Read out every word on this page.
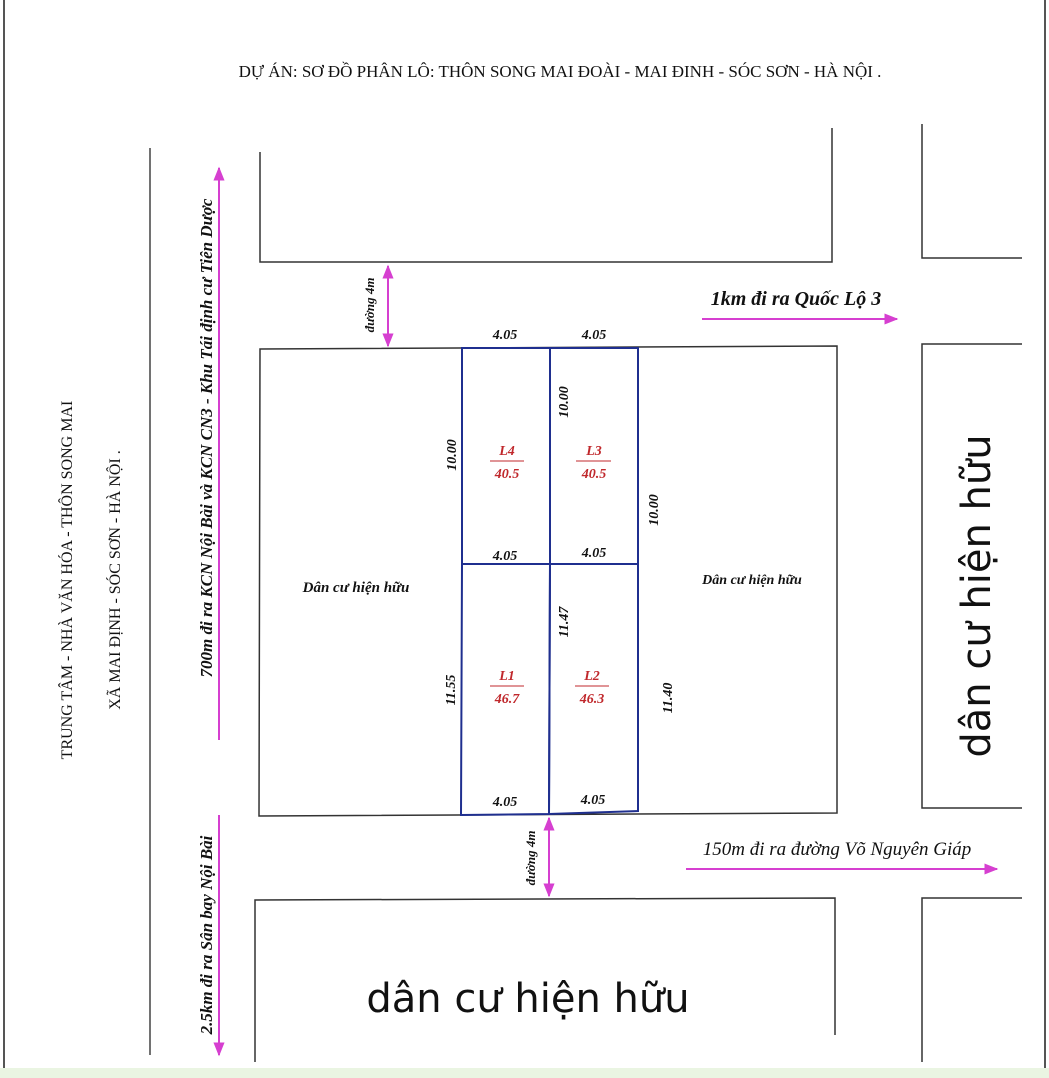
DỰ ÁN: SƠ ĐỒ PHÂN LÔ: THÔN SONG MAI ĐOÀI - MAI ĐINH - SÓC SƠN - HÀ NỘI .
TRUNG TÂM - NHÀ VĂN HÓA - THÔN SONG MAI XÃ MAI ĐỊNH - SÓC SƠN - HÀ NỘI .	700m đi ra KCN Nội Bài và KCN CN3 - Khu Tái định cư Tiên Dược
2.5km đi ra Sân bay Nội Bài
dân cư hiện hữu
dân cư hiện hữu
đường 4m
đường 4m
1km đi ra Quốc Lộ 3
150m đi ra đường Võ Nguyên Giáp
Dân cư hiện hữu	Dân cư hiện hữu
L4
40.5
L3
40.5
L1
46.7
L2
46.3
4.05	4.05
4.05	4.05
4.05	4.05
10.00
10.00
10.00
11.55
11.47
11.40
